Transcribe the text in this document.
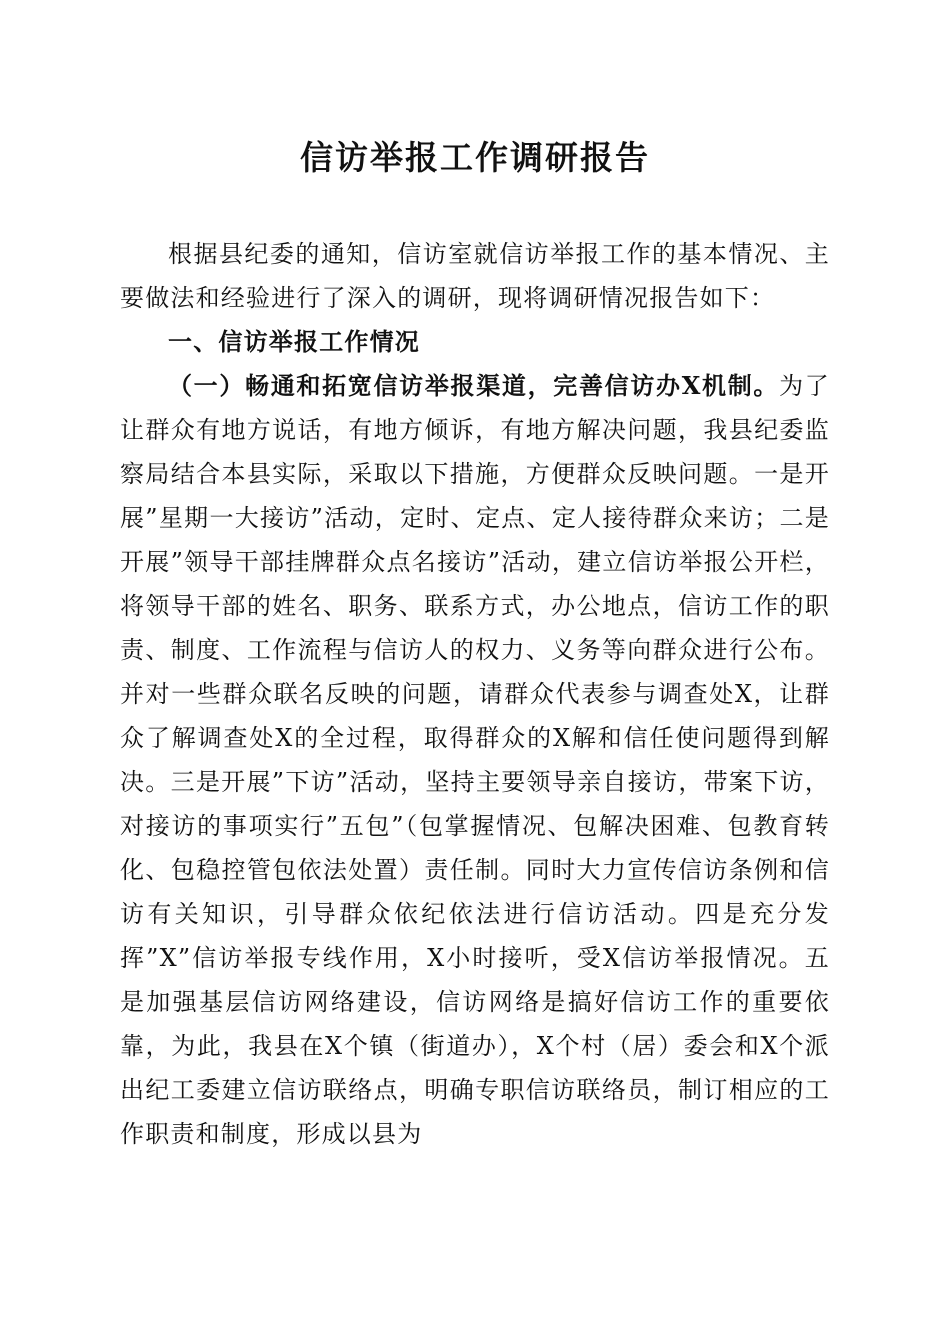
信访举报工作调研报告

根据县纪委的通知，信访室就信访举报工作的基本情况、主要做法和经验进行了深入的调研，现将调研情况报告如下：

一、信访举报工作情况

（一）畅通和拓宽信访举报渠道，完善信访办X机制。为了让群众有地方说话，有地方倾诉，有地方解决问题，我县纪委监察局结合本县实际，采取以下措施，方便群众反映问题。一是开展”星期一大接访”活动，定时、定点、定人接待群众来访；二是开展”领导干部挂牌群众点名接访”活动，建立信访举报公开栏，将领导干部的姓名、职务、联系方式，办公地点，信访工作的职责、制度、工作流程与信访人的权力、义务等向群众进行公布。并对一些群众联名反映的问题，请群众代表参与调查处X，让群众了解调查处X的全过程，取得群众的X解和信任使问题得到解决。三是开展”下访”活动，坚持主要领导亲自接访，带案下访，对接访的事项实行”五包”（包掌握情况、包解决困难、包教育转化、包稳控管包依法处置）责任制。同时大力宣传信访条例和信访有关知识，引导群众依纪依法进行信访活动。四是充分发挥”X”信访举报专线作用，X小时接听，受X信访举报情况。五是加强基层信访网络建设，信访网络是搞好信访工作的重要依靠，为此，我县在X个镇（街道办），X个村（居）委会和X个派出纪工委建立信访联络点，明确专职信访联络员，制订相应的工作职责和制度，形成以县为
